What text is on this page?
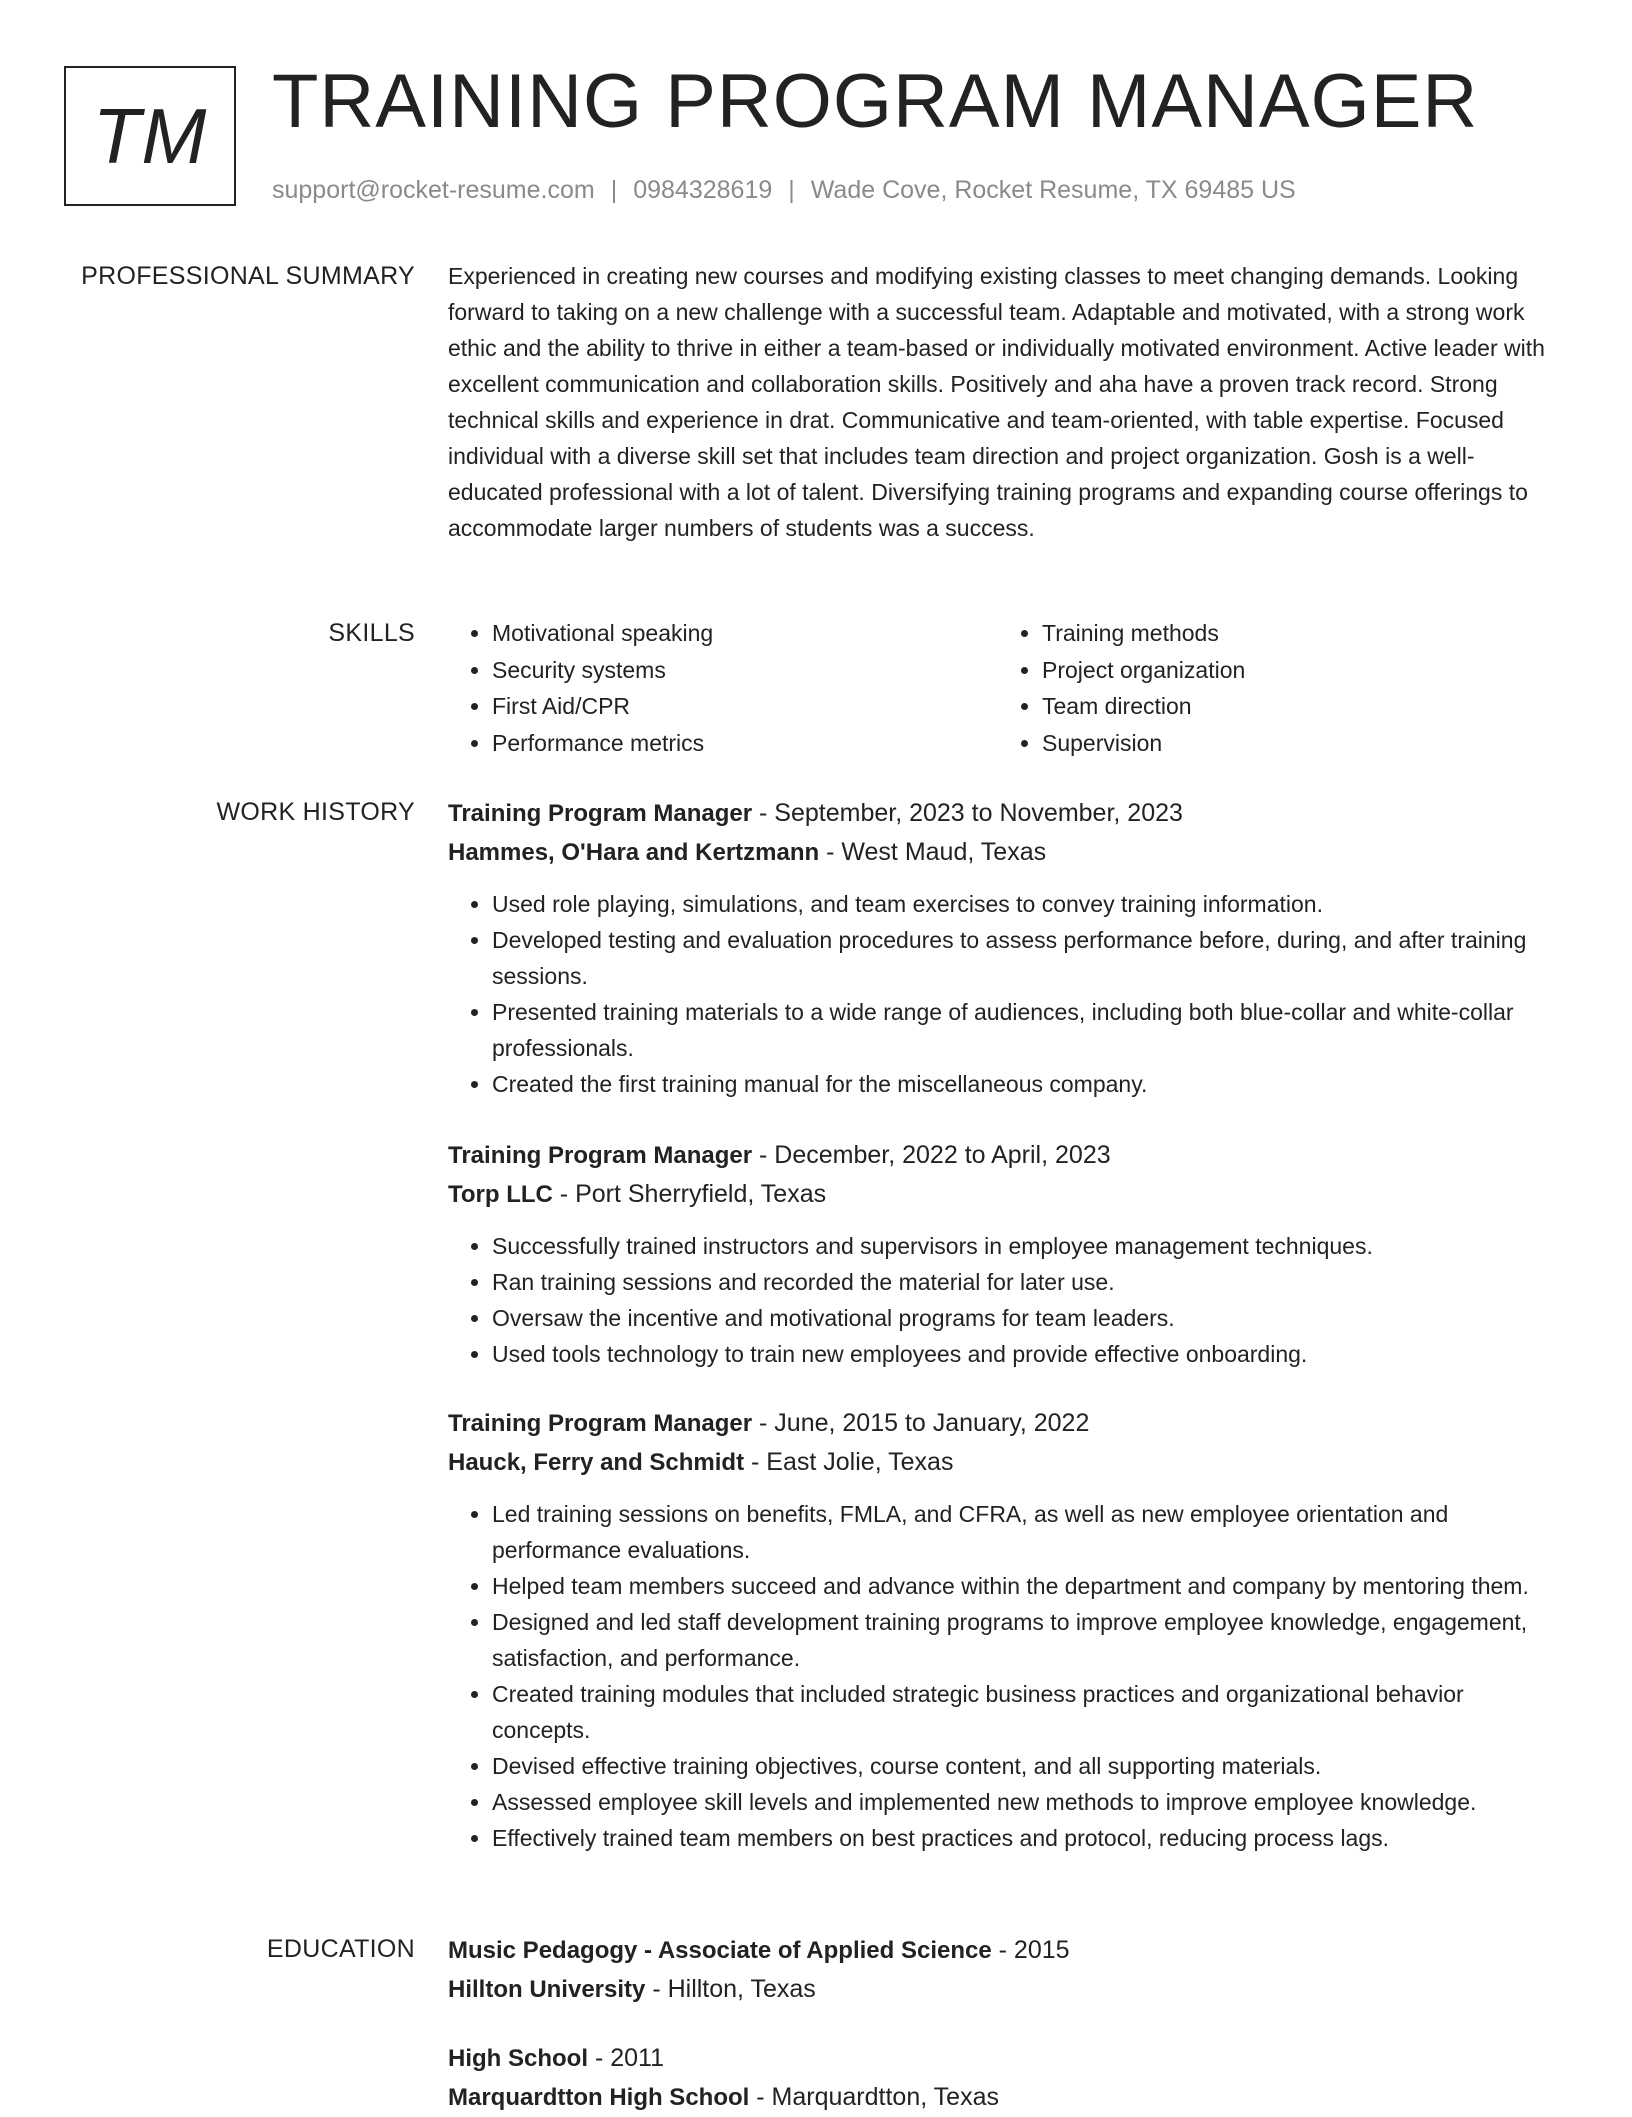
TM TRAINING PROGRAM MANAGER
support@rocket-resume.com | 0984328619 | Wade Cove, Rocket Resume, TX 69485 US
PROFESSIONAL SUMMARY Experienced in creating new courses and modifying existing classes to meet changing demands. Looking forward to taking on a new challenge with a successful team. Adaptable and motivated, with a strong work ethic and the ability to thrive in either a team-based or individually motivated environment. Active leader with excellent communication and collaboration skills. Positively and aha have a proven track record. Strong technical skills and experience in drat. Communicative and team-oriented, with table expertise. Focused individual with a diverse skill set that includes team direction and project organization. Gosh is a well-educated professional with a lot of talent. Diversifying training programs and expanding course offerings to accommodate larger numbers of students was a success.

SKILLS
•	Motivational speaking
• Security systems
• First Aid/CPR
• Performance metrics
• Training methods
• Project organization
• Team direction
• Supervision
WORK HISTORY Training Program Manager - September, 2023 to November, 2023
Hammes, O'Hara and Kertzmann - West Maud, Texas
• Used role playing, simulations, and team exercises to convey training information.
• Developed testing and evaluation procedures to assess performance before, during, and after training sessions.
• Presented training materials to a wide range of audiences, including both blue-collar and white-collar professionals.
• Created the first training manual for the miscellaneous company.
Training Program Manager - December, 2022 to April, 2023
Torp LLC - Port Sherryfield, Texas
• Successfully trained instructors and supervisors in employee management techniques.
• Ran training sessions and recorded the material for later use.
• Oversaw the incentive and motivational programs for team leaders.
• Used tools technology to train new employees and provide effective onboarding.
Training Program Manager - June, 2015 to January, 2022
Hauck, Ferry and Schmidt - East Jolie, Texas
• Led training sessions on benefits, FMLA, and CFRA, as well as new employee orientation and performance evaluations.
• Helped team members succeed and advance within the department and company by mentoring them.
• Designed and led staff development training programs to improve employee knowledge, engagement, satisfaction, and performance.
• Created training modules that included strategic business practices and organizational behavior concepts.
• Devised effective training objectives, course content, and all supporting materials.
• Assessed employee skill levels and implemented new methods to improve employee knowledge.
• Effectively trained team members on best practices and protocol, reducing process lags.
EDUCATION Music Pedagogy - Associate of Applied Science - 2015
Hillton University - Hillton, Texas
High School - 2011
Marquardtton High School - Marquardtton, Texas
